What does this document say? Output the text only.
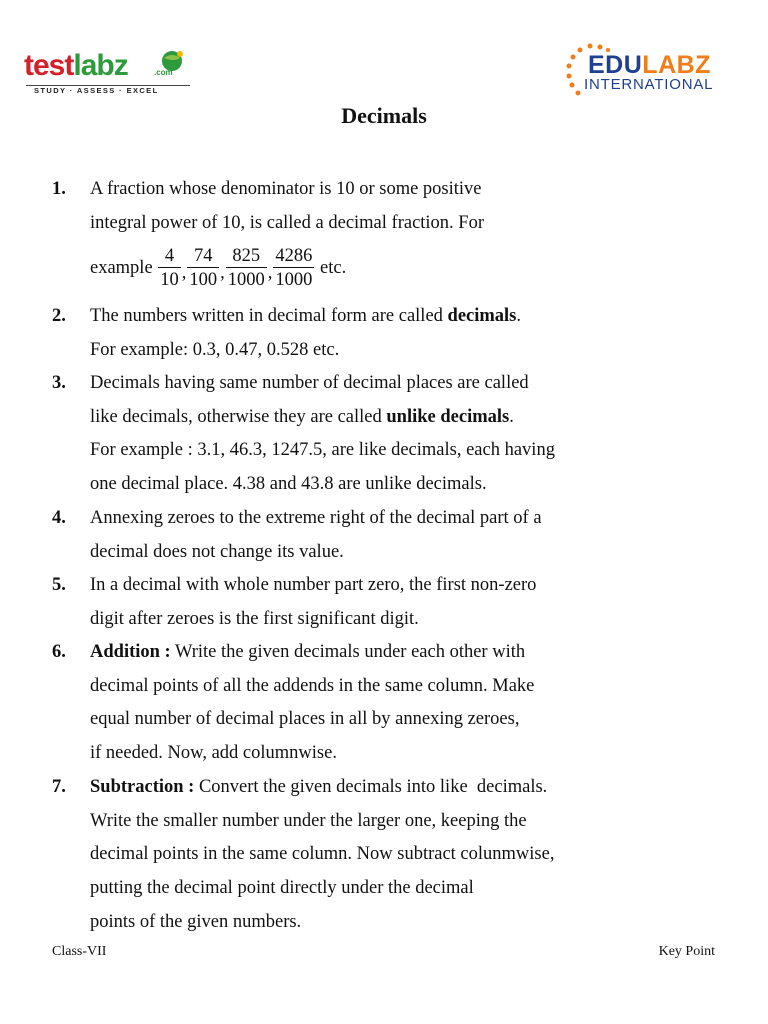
testlabz	.com
STUDY · ASSESS · EXCEL
EDULABZ
INTERNATIONAL
Decimals
1. A fraction whose denominator is 10 or some positive
integral power of 10, is called a decimal fraction. For
example
$\frac{4}{10}$ , $\frac{74}{100}$ , $\frac{825}{1000}$ , $\frac{4286}{1000}$
etc.
2. The numbers written in decimal form are called decimals.
For example: 0.3, 0.47, 0.528 etc.
3. Decimals having same number of decimal places are called
like decimals, otherwise they are called unlike decimals.
For example : 3.1, 46.3, 1247.5, are like decimals, each having
one decimal place. 4.38 and 43.8 are unlike decimals.
4. Annexing zeroes to the extreme right of the decimal part of a
decimal does not change its value.
5. In a decimal with whole number part zero, the first non-zero
digit after zeroes is the first significant digit.
6. Addition : Write the given decimals under each other with
decimal points of all the addends in the same column. Make
equal number of decimal places in all by annexing zeroes,
if needed. Now, add columnwise.
7. Subtraction : Convert the given decimals into like  decimals.
Write the smaller number under the larger one, keeping the
decimal points in the same column. Now subtract colunmwise,
putting the decimal point directly under the decimal
points of the given numbers.
Class-VII	Key Point
